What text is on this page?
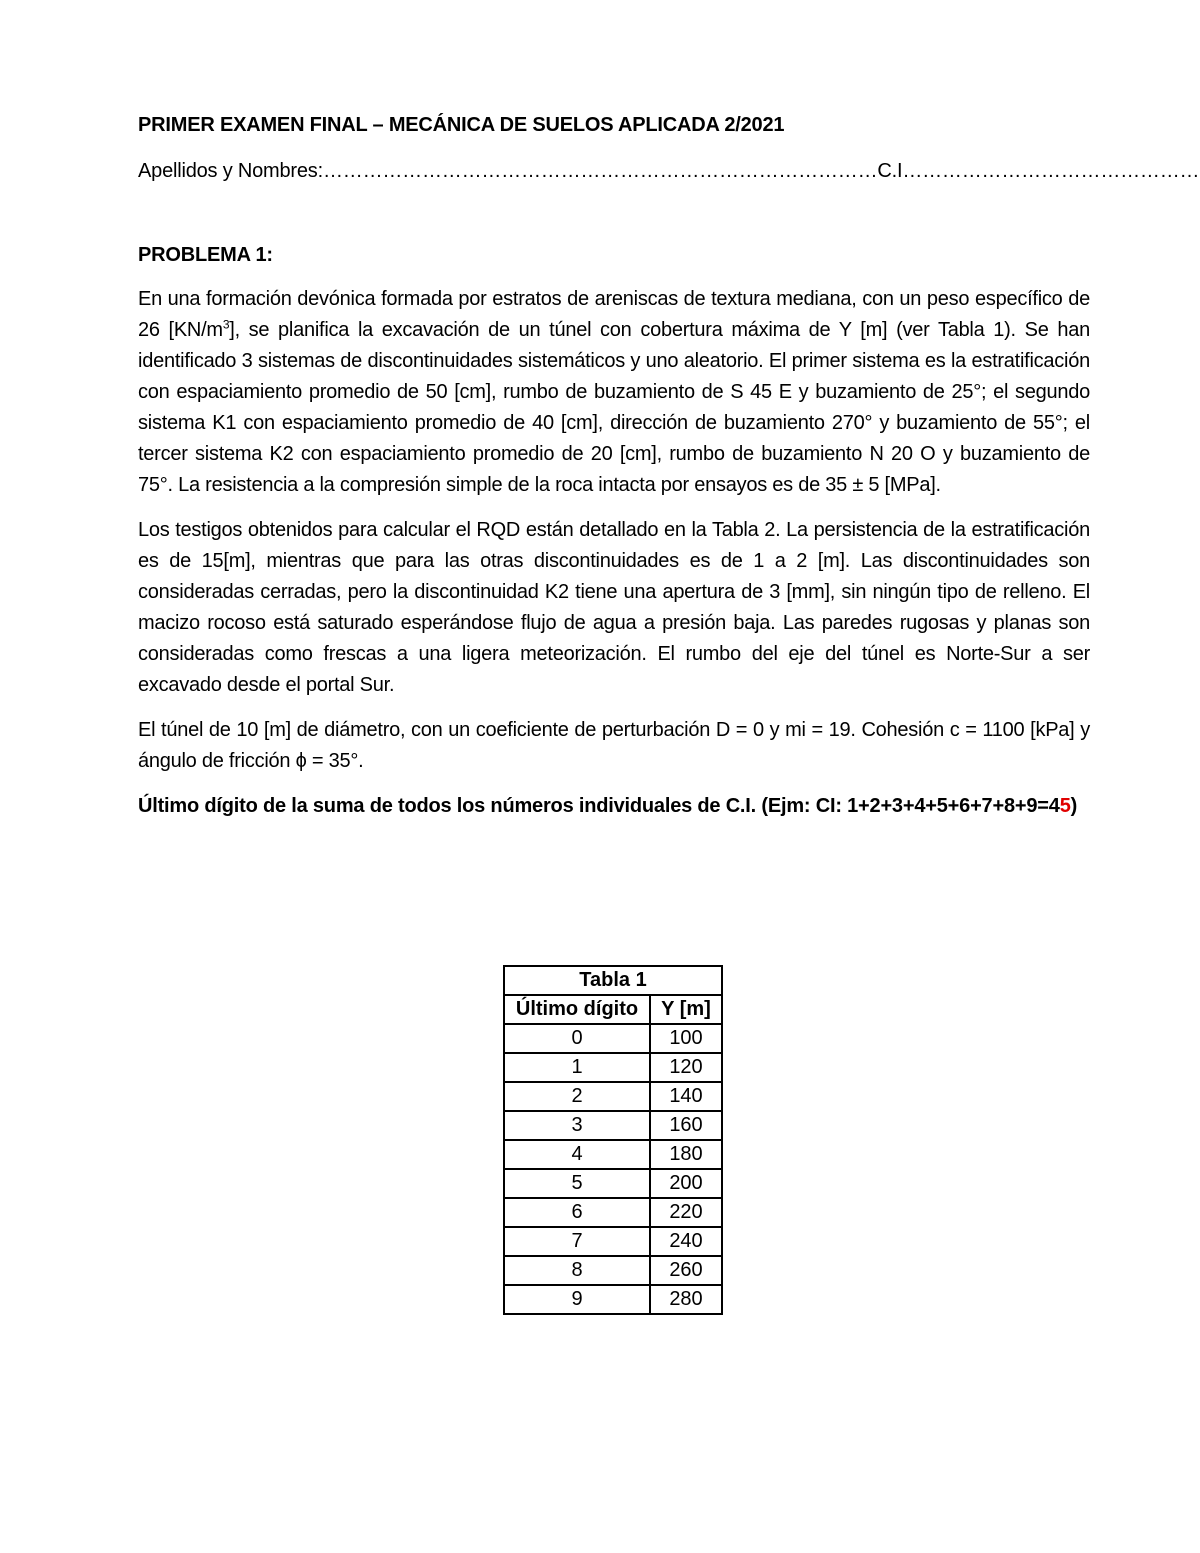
PRIMER EXAMEN FINAL – MECÁNICA DE SUELOS APLICADA 2/2021

Apellidos y Nombres:…………………………………………………………………………C.I………………………………………

PROBLEMA 1:

En una formación devónica formada por estratos de areniscas de textura mediana, con un peso específico de 26 $[KN/m^3]$, se planifica la excavación de un túnel con cobertura máxima de Y [m] (ver Tabla 1). Se han identificado 3 sistemas de discontinuidades sistemáticos y uno aleatorio. El primer sistema es la estratificación con espaciamiento promedio de 50 [cm], rumbo de buzamiento de S 45 E y buzamiento de 25°; el segundo sistema K1 con espaciamiento promedio de 40 [cm], dirección de buzamiento 270° y buzamiento de 55°; el tercer sistema K2 con espaciamiento promedio de 20 [cm], rumbo de buzamiento N 20 O y buzamiento de 75°. La resistencia a la compresión simple de la roca intacta por ensayos es de 35 ± 5 [MPa].

Los testigos obtenidos para calcular el RQD están detallado en la Tabla 2. La persistencia de la estratificación es de 15[m], mientras que para las otras discontinuidades es de 1 a 2 [m]. Las discontinuidades son consideradas cerradas, pero la discontinuidad K2 tiene una apertura de 3 [mm], sin ningún tipo de relleno. El macizo rocoso está saturado esperándose flujo de agua a presión baja. Las paredes rugosas y planas son consideradas como frescas a una ligera meteorización. El rumbo del eje del túnel es Norte-Sur a ser excavado desde el portal Sur.

El túnel de 10 [m] de diámetro, con un coeficiente de perturbación D = 0 y mi = 19. Cohesión c = 1100 [kPa] y ángulo de fricción ϕ = 35°.

Último dígito de la suma de todos los números individuales de C.I. (Ejm: CI: 1+2+3+4+5+6+7+8+9=45)

Tabla 1	
Último dígito	Y [m]
0	100
1	120
2	140
3	160
4	180
5	200
6	220
7	240
8	260
9	280
